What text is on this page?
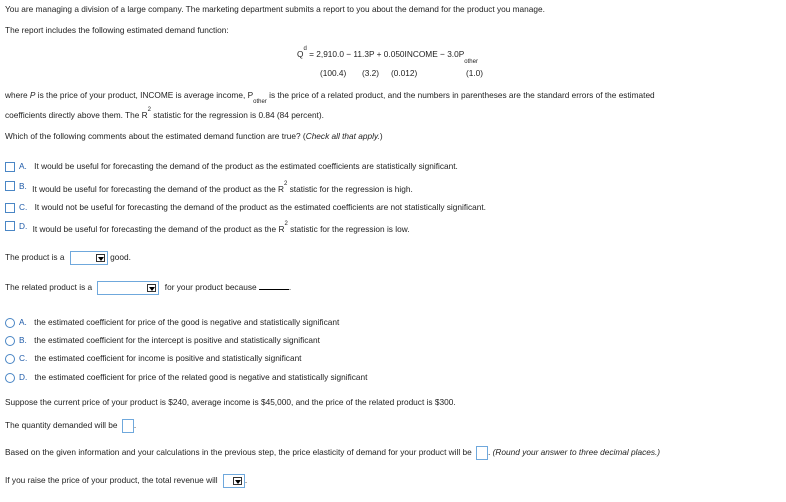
You are managing a division of a large company. The marketing department submits a report to you about the demand for the product you manage.
The report includes the following estimated demand function:
$Q^d = 2,910.0 - 11.3P$ + 0.050INCOME − $3.0P_{other}$
(100.4) (3.2) (0.012)	(1.0)
where P is the price of your product, INCOME is average income, $P_{other}$ is the price of a related product, and the numbers in parentheses are the standard errors of the estimated
coefficients directly above them. The $R^2$ statistic for the regression is 0.84 (84 percent).
Which of the following comments about the estimated demand function are true? (Check all that apply.)
A. It would be useful for forecasting the demand of the product as the estimated coefficients are statistically significant.
B. It would be useful for forecasting the demand of the product as the $R^2$ statistic for the regression is high.
C. It would not be useful for forecasting the demand of the product as the estimated coefficients are not statistically significant.
D. It would be useful for forecasting the demand of the product as the $R^2$ statistic for the regression is low.
The product is a	good.
The related product is a	for your product because	.
A. the estimated coefficient for price of the good is negative and statistically significant
B. the estimated coefficient for the intercept is positive and statistically significant
C. the estimated coefficient for income is positive and statistically significant
D. the estimated coefficient for price of the related good is negative and statistically significant
Suppose the current price of your product is $240, average income is $45,000, and the price of the related product is $300.
The quantity demanded will be .
Based on the given information and your calculations in the previous step, the price elasticity of demand for your product will be . (Round your answer to three decimal places.)
If you raise the price of your product, the total revenue will	.
